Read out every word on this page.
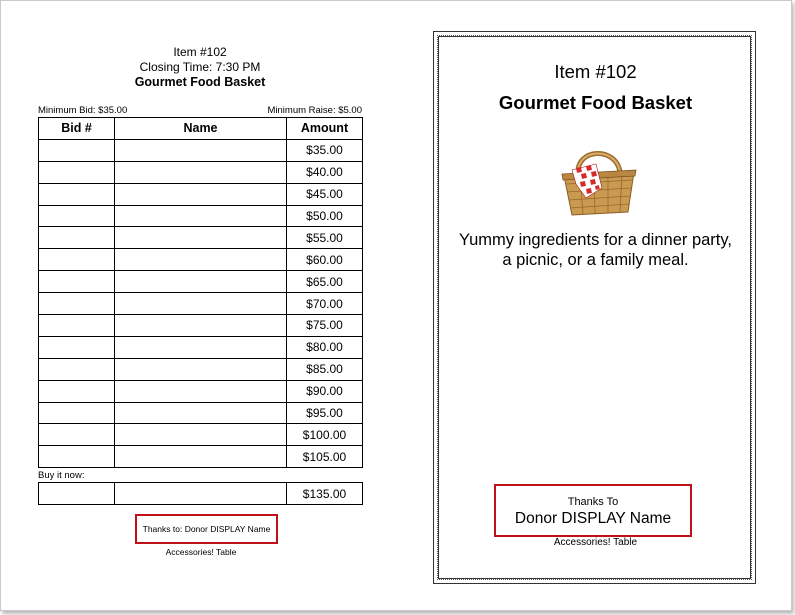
Item #102
Closing Time: 7:30 PM
Gourmet Food Basket
Minimum Bid: $35.00	Minimum Raise: $5.00
Bid #	Name	Amount
		$35.00
		$40.00
		$45.00
		$50.00
		$55.00
		$60.00
		$65.00
		$70.00
		$75.00
		$80.00
		$85.00
		$90.00
		$95.00
		$100.00
		$105.00
Buy it now:
		$135.00
Thanks to: Donor DISPLAY Name
Accessories! Table
Item #102
Gourmet Food Basket
Yummy ingredients for a dinner party,
a picnic, or a family meal.
Thanks To
Donor DISPLAY Name
Accessories! Table
